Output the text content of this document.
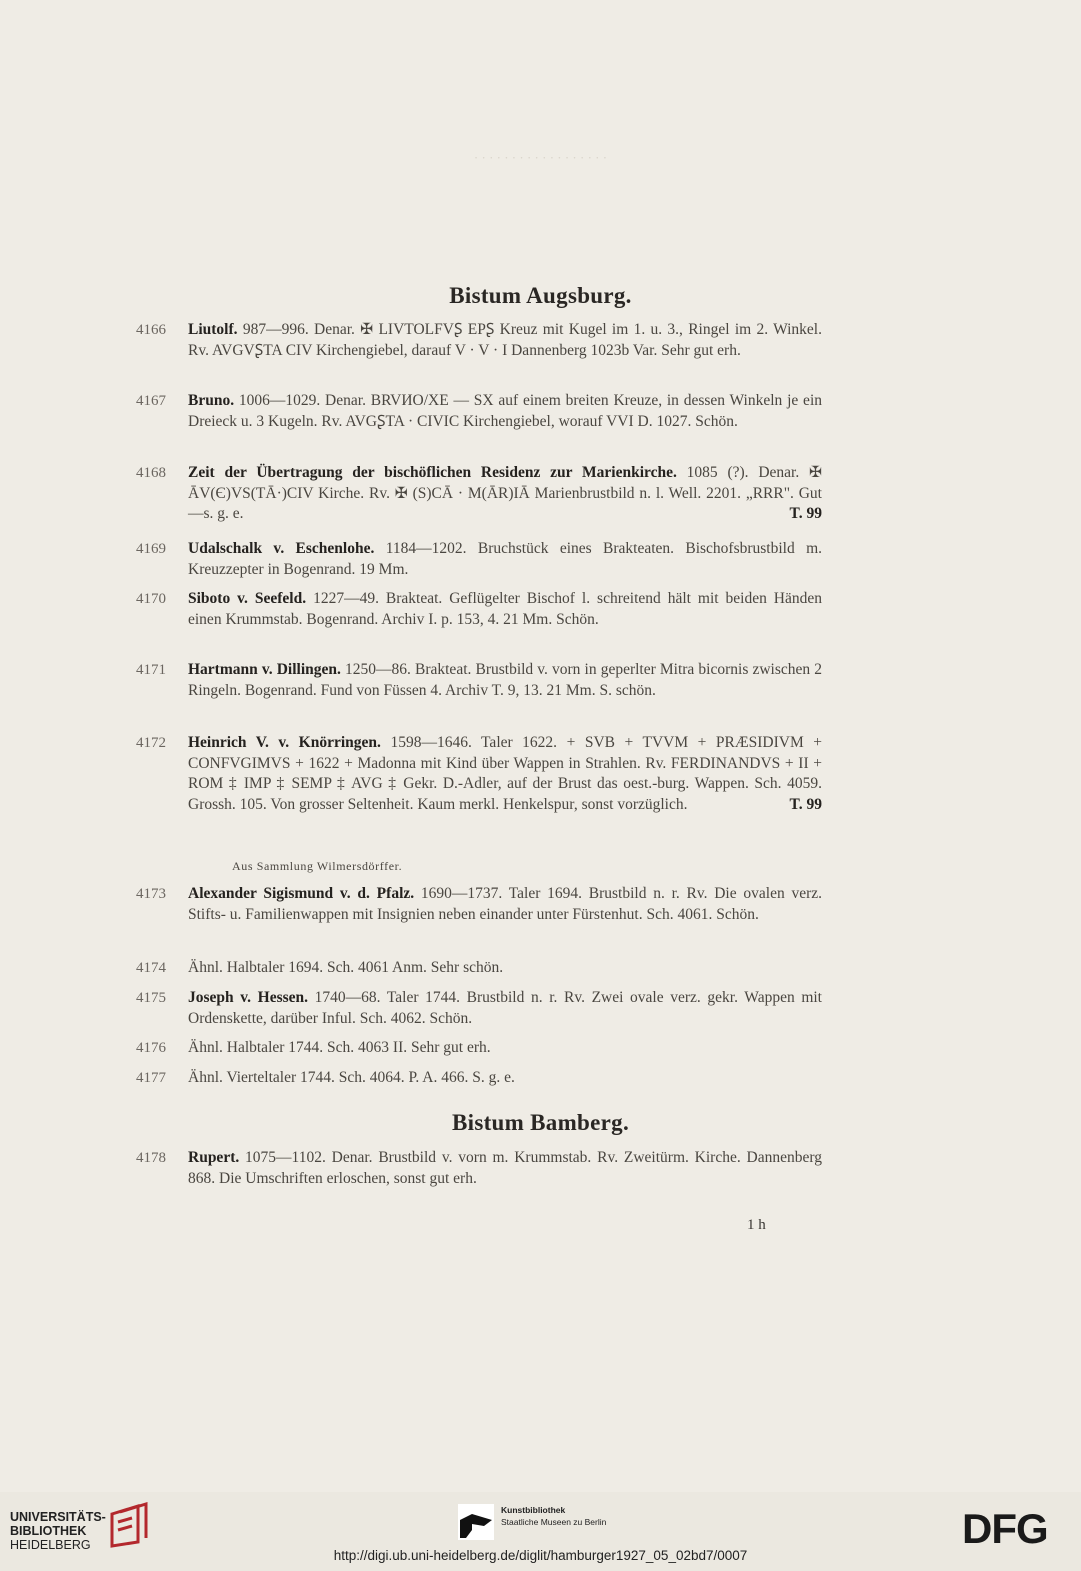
· · · · · · · · · · · · · · · · · ·
Bistum Augsburg.
4166 Liutolf. 987—996. Denar. ✠ LIVTOLFVꟅ EPꟅ Kreuz mit Kugel im 1. u. 3., Ringel im 2. Winkel. Rv. AVGVꟅTA CIV Kirchengiebel, darauf V · V · I Dannenberg 1023b Var. Sehr gut erh.
4167 Bruno. 1006—1029. Denar. BRVИO/XE — SX auf einem breiten Kreuze, in dessen Winkeln je ein Dreieck u. 3 Kugeln. Rv. AVGꟅTA · CIVIC Kirchengiebel, worauf VVI D. 1027. Schön.
4168 Zeit der Übertragung der bischöflichen Residenz zur Marienkirche. 1085 (?). Denar. ✠ ĀV(Є)VS(TĀ·)CIV Kirche. Rv. ✠ (S)CĀ · M(ĀR)IĀ Marienbrustbild n. l. Well. 2201. „RRR". Gut—s. g. e.	T. 99
4169 Udalschalk v. Eschenlohe. 1184—1202. Bruchstück eines Brakteaten. Bischofsbrustbild m. Kreuzzepter in Bogenrand. 19 Mm.
4170 Siboto v. Seefeld. 1227—49. Brakteat. Geflügelter Bischof l. schreitend hält mit beiden Händen einen Krummstab. Bogenrand. Archiv I. p. 153, 4. 21 Mm. Schön.
4171 Hartmann v. Dillingen. 1250—86. Brakteat. Brustbild v. vorn in geperlter Mitra bicornis zwischen 2 Ringeln. Bogenrand. Fund von Füssen 4. Archiv T. 9, 13. 21 Mm. S. schön.
4172 Heinrich V. v. Knörringen. 1598—1646. Taler 1622. + SVB + TVVM + PRÆSIDIVM + CONFVGIMVS + 1622 + Madonna mit Kind über Wappen in Strahlen. Rv. FERDINANDVS + II + ROM ‡ IMP ‡ SEMP ‡ AVG ‡ Gekr. D.-Adler, auf der Brust das oest.-burg. Wappen. Sch. 4059. Grossh. 105. Von grosser Seltenheit. Kaum merkl. Henkelspur, sonst vorzüglich.	T. 99
Aus Sammlung Wilmersdörffer.
4173 Alexander Sigismund v. d. Pfalz. 1690—1737. Taler 1694. Brustbild n. r. Rv. Die ovalen verz. Stifts- u. Familienwappen mit Insignien neben einander unter Fürstenhut. Sch. 4061. Schön.
4174 Ähnl. Halbtaler 1694. Sch. 4061 Anm. Sehr schön.
4175 Joseph v. Hessen. 1740—68. Taler 1744. Brustbild n. r. Rv. Zwei ovale verz. gekr. Wappen mit Ordenskette, darüber Inful. Sch. 4062. Schön.
4176 Ähnl. Halbtaler 1744. Sch. 4063 II. Sehr gut erh.
4177 Ähnl. Vierteltaler 1744. Sch. 4064. P. A. 466. S. g. e.
Bistum Bamberg.
4178 Rupert. 1075—1102. Denar. Brustbild v. vorn m. Krummstab. Rv. Zweitürm. Kirche. Dannenberg 868. Die Umschriften erloschen, sonst gut erh.
1 h
UNIVERSITÄTS-
BIBLIOTHEK
HEIDELBERG
Kunstbibliothek
Staatliche Museen zu Berlin	DFG
http://digi.ub.uni-heidelberg.de/diglit/hamburger1927_05_02bd7/0007
